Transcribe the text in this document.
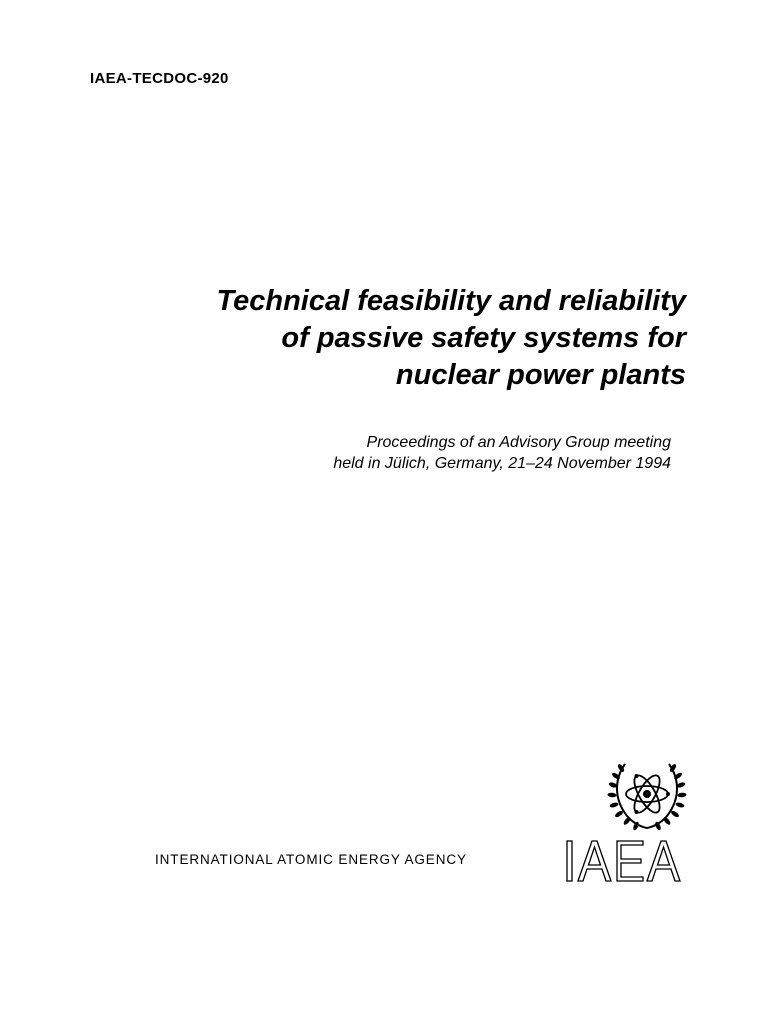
IAEA-TECDOC-920

Technical feasibility and reliability
of passive safety systems for
nuclear power plants

Proceedings of an Advisory Group meeting
held in Jülich, Germany, 21–24 November 1994

INTERNATIONAL ATOMIC ENERGY AGENCY
